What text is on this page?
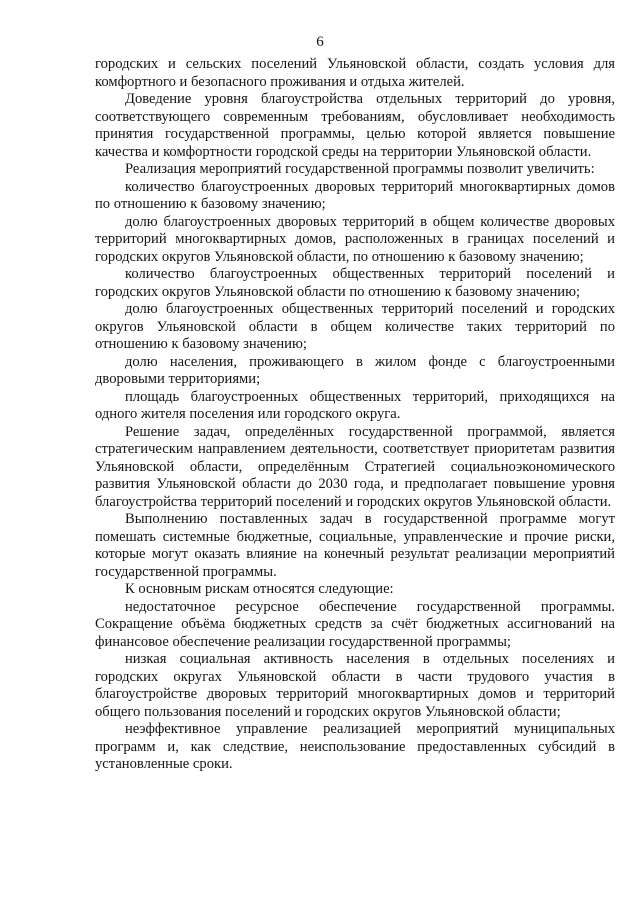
6

городских и сельских поселений Ульяновской области, создать условия для комфортного и безопасного проживания и отдыха жителей.

Доведение уровня благоустройства отдельных территорий до уровня, соответствующего современным требованиям, обусловливает необходимость принятия государственной программы, целью которой является повышение качества и комфортности городской среды на территории Ульяновской области.

Реализация мероприятий государственной программы позволит увеличить:

количество благоустроенных дворовых территорий многоквартирных домов по отношению к базовому значению;

долю благоустроенных дворовых территорий в общем количестве дворовых территорий многоквартирных домов, расположенных в границах поселений и городских округов Ульяновской области, по отношению к базовому значению;

количество благоустроенных общественных территорий поселений и городских округов Ульяновской области по отношению к базовому значению;

долю благоустроенных общественных территорий поселений и городских округов Ульяновской области в общем количестве таких территорий по отношению к базовому значению;

долю населения, проживающего в жилом фонде с благоустроенными дворовыми территориями;

площадь благоустроенных общественных территорий, приходящихся на одного жителя поселения или городского округа.

Решение задач, определённых государственной программой, является стратегическим направлением деятельности, соответствует приоритетам развития Ульяновской области, определённым Стратегией социальноэкономического развития Ульяновской области до 2030 года, и предполагает повышение уровня благоустройства территорий поселений и городских округов Ульяновской области.

Выполнению поставленных задач в государственной программе могут помешать системные бюджетные, социальные, управленческие и прочие риски, которые могут оказать влияние на конечный результат реализации мероприятий государственной программы.

К основным рискам относятся следующие:

недостаточное ресурсное обеспечение государственной программы. Сокращение объёма бюджетных средств за счёт бюджетных ассигнований на финансовое обеспечение реализации государственной программы;

низкая социальная активность населения в отдельных поселениях и городских округах Ульяновской области в части трудового участия в благоустройстве дворовых территорий многоквартирных домов и территорий общего пользования поселений и городских округов Ульяновской области;

неэффективное управление реализацией мероприятий муниципальных программ и, как следствие, неиспользование предоставленных субсидий в установленные сроки.
